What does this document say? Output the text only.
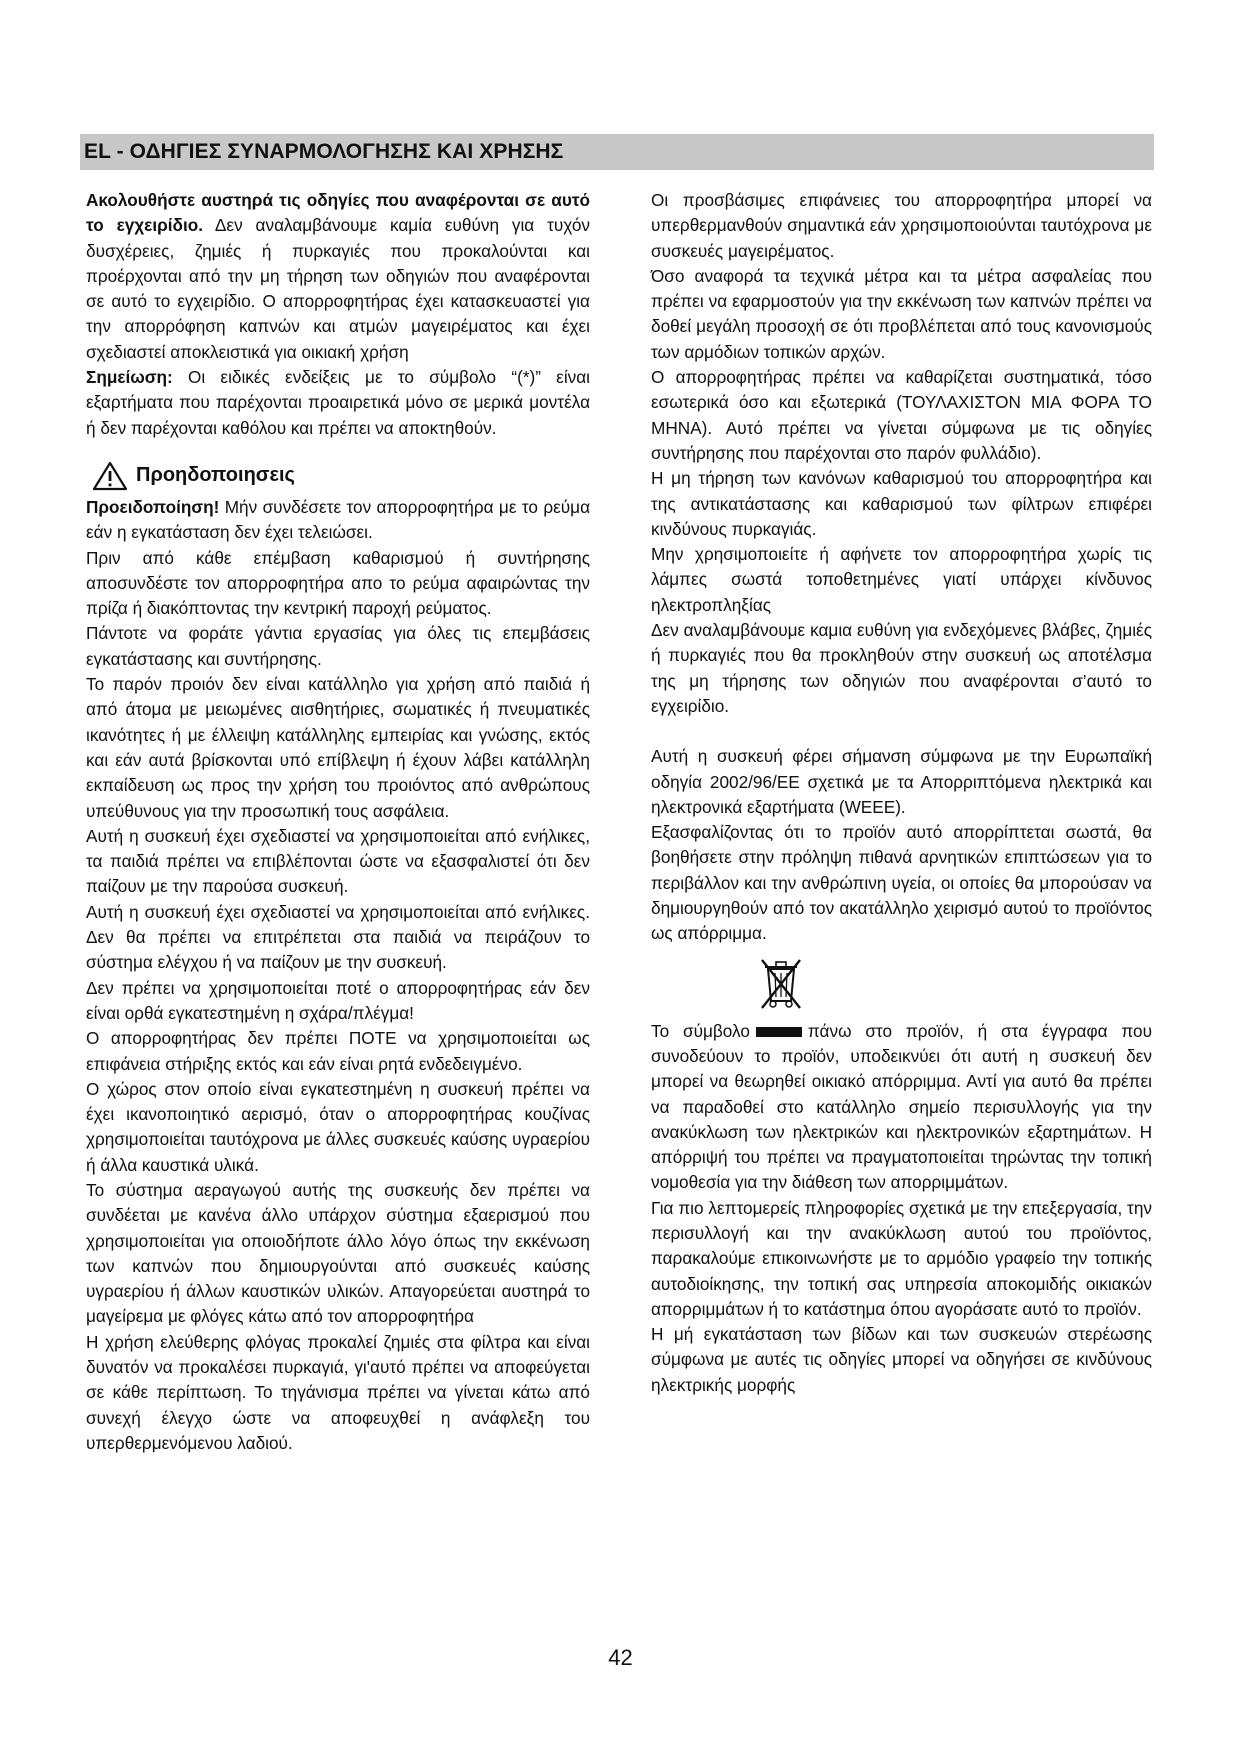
EL - ΟΔΗΓΙΕΣ ΣΥΝΑΡΜΟΛΟΓΗΣΗΣ ΚΑΙ ΧΡΗΣΗΣ

Ακολουθήστε αυστηρά τις οδηγίες που αναφέρονται σε αυτό το εγχειρίδιο. Δεν αναλαμβάνουμε καμία ευθύνη για τυχόν δυσχέρειες, ζημιές ή πυρκαγιές που προκαλούνται και προέρχονται από την μη τήρηση των οδηγιών που αναφέρονται σε αυτό το εγχειρίδιο. Ο απορροφητήρας έχει κατασκευαστεί για την απορρόφηση καπνών και ατμών μαγειρέματος και έχει σχεδιαστεί αποκλειστικά για οικιακή χρήση

Σημείωση: Οι ειδικές ενδείξεις με το σύμβολο “(*)” είναι εξαρτήματα που παρέχονται προαιρετικά μόνο σε μερικά μοντέλα ή δεν παρέχονται καθόλου και πρέπει να αποκτηθούν.

Προηδοποιησεις

Προειδοποίηση! Μήν συνδέσετε τον απορροφητήρα με το ρεύμα εάν η εγκατάσταση δεν έχει τελειώσει.

Πριν από κάθε επέμβαση καθαρισμού ή συντήρησης αποσυνδέστε τον απορροφητήρα απο το ρεύμα αφαιρώντας την πρίζα ή διακόπτοντας την κεντρική παροχή ρεύματος.

Πάντοτε να φοράτε γάντια εργασίας για όλες τις επεμβάσεις εγκατάστασης και συντήρησης.

Το παρόν προιόν δεν είναι κατάλληλο για χρήση από παιδιά ή από άτομα με μειωμένες αισθητήριες, σωματικές ή πνευματικές ικανότητες ή με έλλειψη κατάλληλης εμπειρίας και γνώσης, εκτός και εάν αυτά βρίσκονται υπό επίβλεψη ή έχουν λάβει κατάλληλη εκπαίδευση ως προς την χρήση του προιόντος από ανθρώπους υπεύθυνους για την προσωπική τους ασφάλεια.

Αυτή η συσκευή έχει σχεδιαστεί να χρησιμοποιείται από ενήλικες, τα παιδιά πρέπει να επιβλέπονται ώστε να εξασφαλιστεί ότι δεν παίζουν με την παρούσα συσκευή.

Αυτή η συσκευή έχει σχεδιαστεί να χρησιμοποιείται από ενήλικες. Δεν θα πρέπει να επιτρέπεται στα παιδιά να πειράζουν το σύστημα ελέγχου ή να παίζουν με την συσκευή.

Δεν πρέπει να χρησιμοποιείται ποτέ ο απορροφητήρας εάν δεν είναι ορθά εγκατεστημένη η σχάρα/πλέγμα!

Ο απορροφητήρας δεν πρέπει ΠΟΤΕ να χρησιμοποιείται ως επιφάνεια στήριξης εκτός και εάν είναι ρητά ενδεδειγμένο.

Ο χώρος στον οποίο είναι εγκατεστημένη η συσκευή πρέπει να έχει ικανοποιητικό αερισμό, όταν ο απορροφητήρας κουζίνας χρησιμοποιείται ταυτόχρονα με άλλες συσκευές καύσης υγραερίου ή άλλα καυστικά υλικά.

Το σύστημα αεραγωγού αυτής της συσκευής δεν πρέπει να συνδέεται με κανένα άλλο υπάρχον σύστημα εξαερισμού που χρησιμοποιείται για οποιοδήποτε άλλο λόγο όπως την εκκένωση των καπνών που δημιουργούνται από συσκευές καύσης υγραερίου ή άλλων καυστικών υλικών. Απαγορεύεται αυστηρά το μαγείρεμα με φλόγες κάτω από τον απορροφητήρα

Η χρήση ελεύθερης φλόγας προκαλεί ζημιές στα φίλτρα και είναι δυνατόν να προκαλέσει πυρκαγιά, γι'αυτό πρέπει να αποφεύγεται σε κάθε περίπτωση. Το τηγάνισμα πρέπει να γίνεται κάτω από συνεχή έλεγχο ώστε να αποφευχθεί η ανάφλεξη του υπερθερμενόμενου λαδιού.

Οι προσβάσιμες επιφάνειες του απορροφητήρα μπορεί να υπερθερμανθούν σημαντικά εάν χρησιμοποιούνται ταυτόχρονα με συσκευές μαγειρέματος.

Όσο αναφορά τα τεχνικά μέτρα και τα μέτρα ασφαλείας που πρέπει να εφαρμοστούν για την εκκένωση των καπνών πρέπει να δοθεί μεγάλη προσοχή σε ότι προβλέπεται από τους κανονισμούς των αρμόδιων τοπικών αρχών.

Ο απορροφητήρας πρέπει να καθαρίζεται συστηματικά, τόσο εσωτερικά όσο και εξωτερικά (ΤΟΥΛΑΧΙΣΤΟΝ ΜΙΑ ΦΟΡΑ ΤΟ ΜΗΝΑ). Αυτό πρέπει να γίνεται σύμφωνα με τις οδηγίες συντήρησης που παρέχονται στο παρόν φυλλάδιο).

Η μη τήρηση των κανόνων καθαρισμού του απορροφητήρα και της αντικατάστασης και καθαρισμού των φίλτρων επιφέρει κινδύνους πυρκαγιάς.

Μην χρησιμοποιείτε ή αφήνετε τον απορροφητήρα χωρίς τις λάμπες σωστά τοποθετημένες γιατί υπάρχει κίνδυνος ηλεκτροπληξίας

Δεν αναλαμβάνουμε καμια ευθύνη για ενδεχόμενες βλάβες, ζημιές ή πυρκαγιές που θα προκληθούν στην συσκευή ως αποτέλσμα της μη τήρησης των οδηγιών που αναφέρονται σ’αυτό το εγχειρίδιο.

Αυτή η συσκευή φέρει σήμανση σύμφωνα με την Ευρωπαϊκή οδηγία 2002/96/ΕΕ σχετικά με τα Απορριπτόμενα ηλεκτρικά και ηλεκτρονικά εξαρτήματα (WEEE).

Εξασφαλίζοντας ότι το προϊόν αυτό απορρίπτεται σωστά, θα βοηθήσετε στην πρόληψη πιθανά αρνητικών επιπτώσεων για το περιβάλλον και την ανθρώπινη υγεία, οι οποίες θα μπορούσαν να δημιουργηθούν από τον ακατάλληλο χειρισμό αυτού το προϊόντος ως απόρριμμα.

Το σύμβολο	πάνω στο προϊόν, ή στα έγγραφα που συνοδεύουν το προϊόν, υποδεικνύει ότι αυτή η συσκευή δεν μπορεί να θεωρηθεί οικιακό απόρριμμα. Αντί για αυτό θα πρέπει να παραδοθεί στο κατάλληλο σημείο περισυλλογής για την ανακύκλωση των ηλεκτρικών και ηλεκτρονικών εξαρτημάτων. Η απόρριψή του πρέπει να πραγματοποιείται τηρώντας την τοπική νομοθεσία για την διάθεση των απορριμμάτων.

Για πιο λεπτομερείς πληροφορίες σχετικά με την επεξεργασία, την περισυλλογή και την ανακύκλωση αυτού του προϊόντος, παρακαλούμε επικοινωνήστε με το αρμόδιο γραφείο την τοπικής αυτοδιοίκησης, την τοπική σας υπηρεσία αποκομιδής οικιακών απορριμμάτων ή το κατάστημα όπου αγοράσατε αυτό το προϊόν.

Η μή εγκατάσταση των βίδων και των συσκευών στερέωσης σύμφωνα με αυτές τις οδηγίες μπορεί να οδηγήσει σε κινδύνους ηλεκτρικής μορφής

42
